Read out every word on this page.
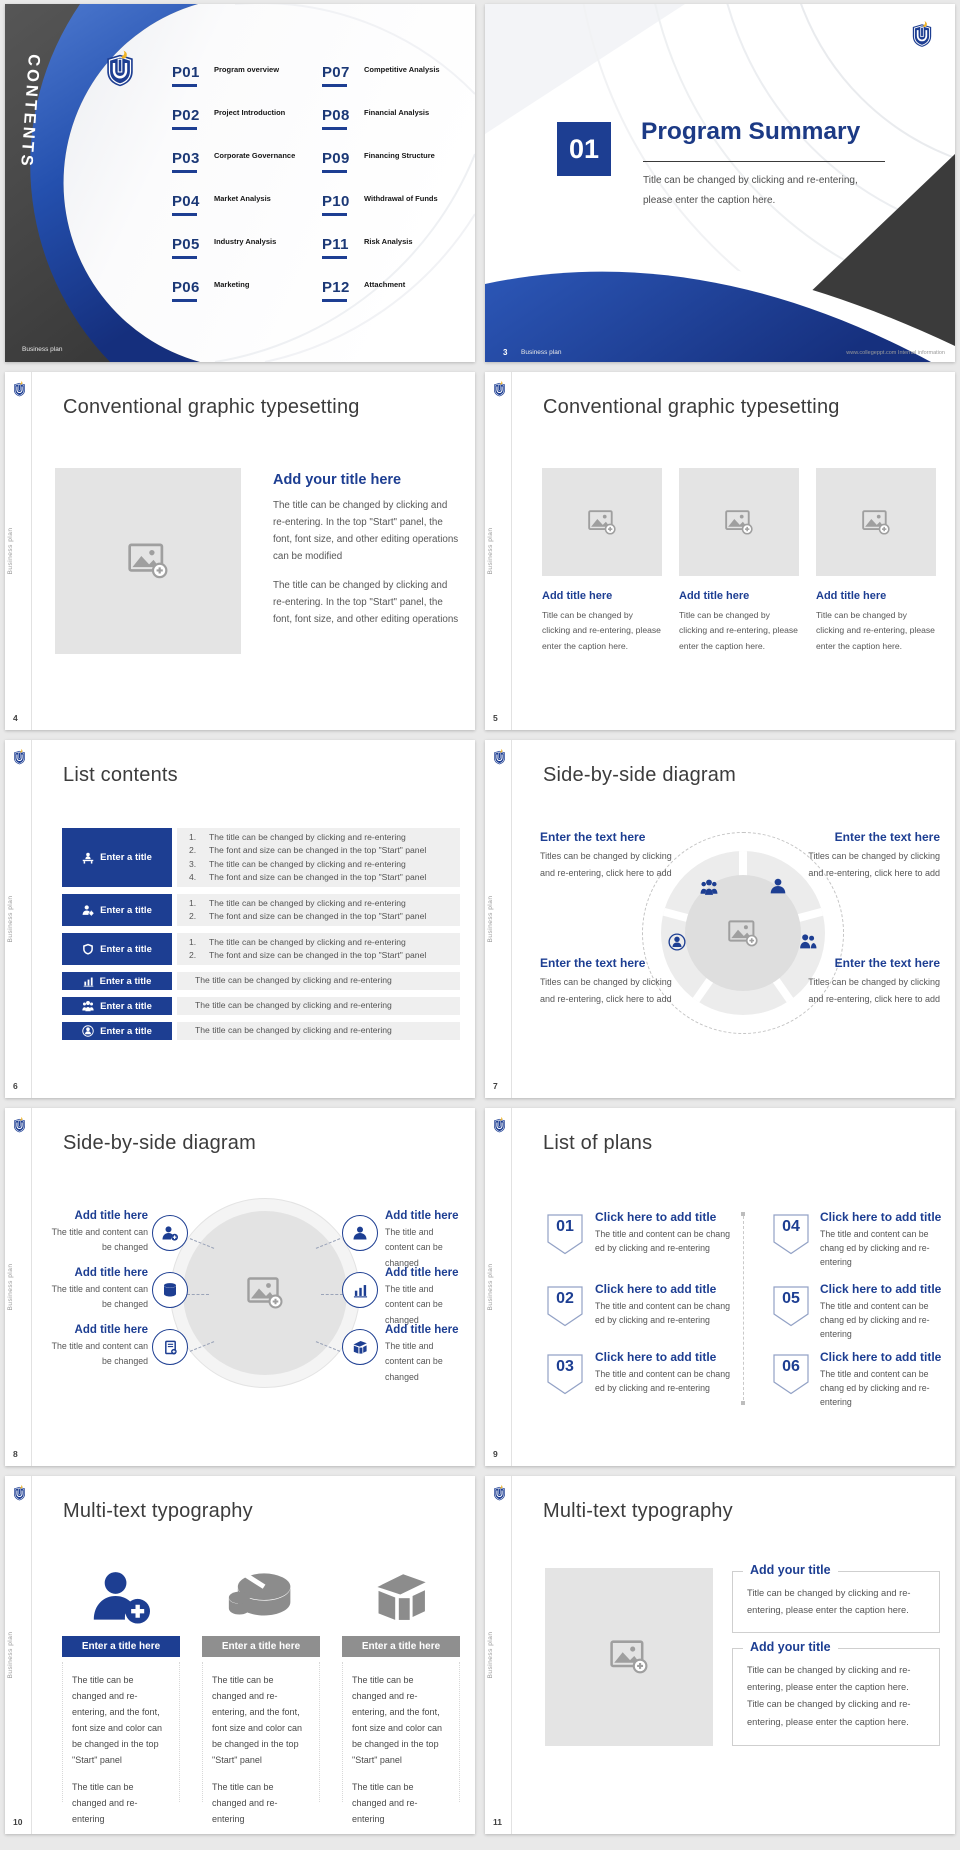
CONTENTS	P01 Program overview
P02 Project Introduction
P03 Corporate Governance
P04 Market Analysis
P05 Industry Analysis
P06 Marketing
P07 Competitive Analysis
P08 Financial Analysis
P09 Financing Structure
P10 Withdrawal of Funds
P11 Risk Analysis
P12 Attachment
Business plan
01
Program Summary
Title can be changed by clicking and re-entering,
please enter the caption here.
3 Business plan	www.collegeppt.com Internal information
Business plan
4
Conventional graphic typesetting
Add your title here
The title can be changed by clicking and re-entering. In the top "Start" panel, the font, font size, and other editing operations can be modified
The title can be changed by clicking and re-entering. In the top "Start" panel, the font, font size, and other editing operations
Business plan
5
Conventional graphic typesetting
Add title here
Title can be changed by clicking and re-entering, please enter the caption here.
Add title here
Title can be changed by clicking and re-entering, please enter the caption here.
Add title here
Title can be changed by clicking and re-entering, please enter the caption here.
Business plan
6
List contents
Enter a title
1.	The title can be changed by clicking and re-entering
2.	The font and size can be changed in the top "Start" panel
3.	The title can be changed by clicking and re-entering
4.	The font and size can be changed in the top "Start" panel
Enter a title
1.	The title can be changed by clicking and re-entering
2.	The font and size can be changed in the top "Start" panel
Enter a title
1.	The title can be changed by clicking and re-entering
2.	The font and size can be changed in the top "Start" panel
Enter a title	The title can be changed by clicking and re-entering
Enter a title	The title can be changed by clicking and re-entering
Enter a title	The title can be changed by clicking and re-entering
Business plan
7
Side-by-side diagram
Enter the text here
Titles can be changed by clicking and re-entering, click here to add
Enter the text here
Titles can be changed by clicking and re-entering, click here to add
Enter the text here
Titles can be changed by clicking and re-entering, click here to add
Enter the text here
Titles can be changed by clicking and re-entering, click here to add
Business plan
8
Side-by-side diagram
Add title here
The title and content can be changed
Add title here
The title and content can be changed
Add title here
The title and content can be changed
Add title here
The title and content can be changed
Add title here
The title and content can be changed
Add title here
The title and content can be changed
Business plan
9
List of plans
01
Click here to add title
The title and content can be chang ed by clicking and re-entering
02
Click here to add title
The title and content can be chang ed by clicking and re-entering
03
Click here to add title
The title and content can be chang ed by clicking and re-entering
04
Click here to add title
The title and content can be chang ed by clicking and re-entering
05
Click here to add title
The title and content can be chang ed by clicking and re-entering
06
Click here to add title
The title and content can be chang ed by clicking and re-entering
Business plan
10
Multi-text typography
Enter a title here	Enter a title here	Enter a title here
The title can be changed and re-entering, and the font, font size and color can be changed in the top "Start" panel
The title can be changed and re-entering
The title can be changed and re-entering, and the font, font size and color can be changed in the top "Start" panel
The title can be changed and re-entering
The title can be changed and re-entering, and the font, font size and color can be changed in the top "Start" panel
The title can be changed and re-entering
Business plan
11
Multi-text typography
Add your title
Title can be changed by clicking and re-entering, please enter the caption here.
Add your title
Title can be changed by clicking and re-entering, please enter the caption here. Title can be changed by clicking and re-entering, please enter the caption here.
